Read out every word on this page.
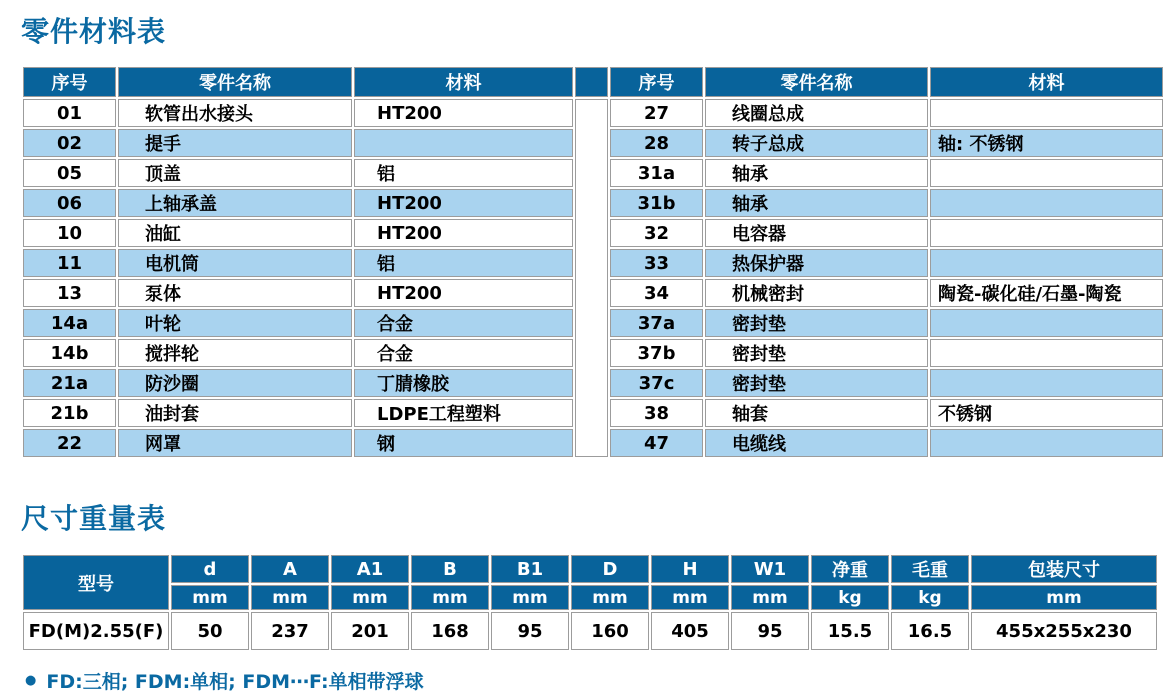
零件材料表
序号	零件名称	材料		序号	零件名称	材料
01	软管出水接头	HT200		27	线圈总成	
02	提手			28	转子总成	轴: 不锈钢
05	顶盖	铝		31a	轴承	
06	上轴承盖	HT200		31b	轴承	
10	油缸	HT200		32	电容器	
11	电机筒	铝		33	热保护器	
13	泵体	HT200		34	机械密封	陶瓷-碳化硅/石墨-陶瓷
14a	叶轮	合金		37a	密封垫	
14b	搅拌轮	合金		37b	密封垫	
21a	防沙圈	丁腈橡胶		37c	密封垫	
21b	油封套	LDPE工程塑料		38	轴套	不锈钢
22	网罩	钢		47	电缆线	
尺寸重量表
型号	d	A	A1	B	B1	D	H	W1	净重	毛重	包装尺寸
	mm	mm	mm	mm	mm	mm	mm	mm	kg	kg	mm
FD(M)2.55(F)	50	237	201	168	95	160	405	95	15.5	16.5	455x255x230
● FD:三相; FDM:单相; FDM⋯F:单相带浮球
